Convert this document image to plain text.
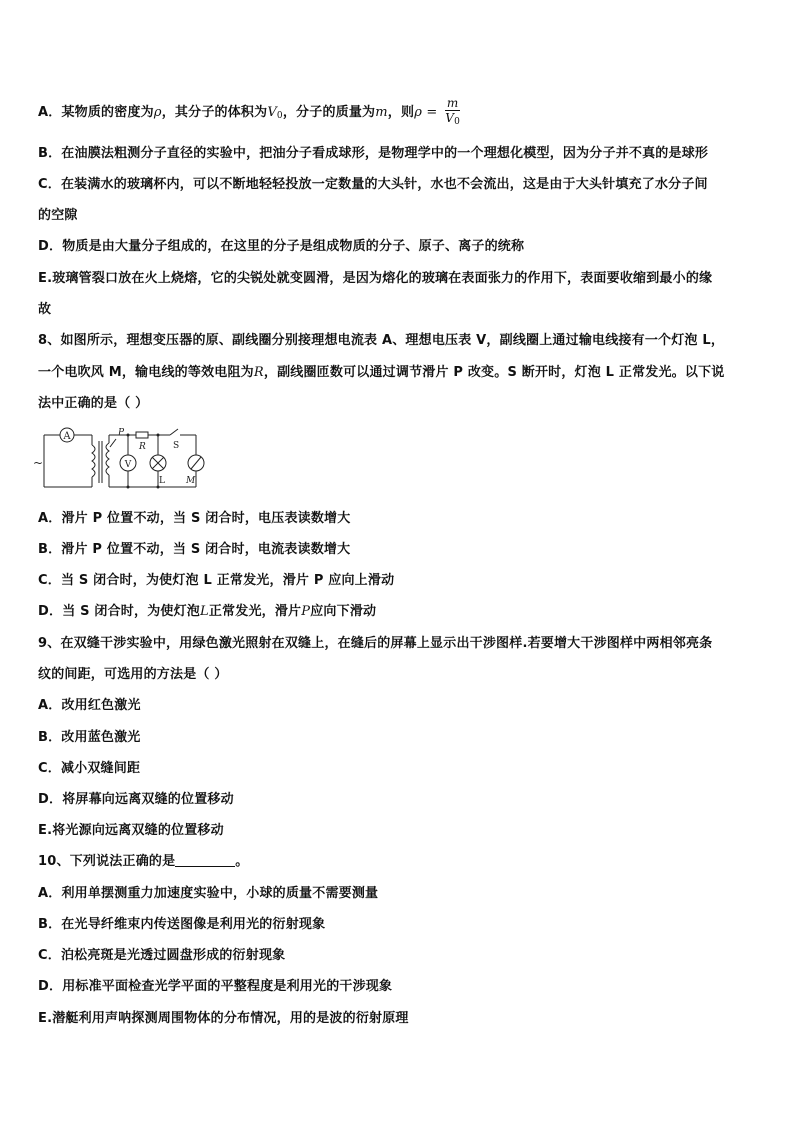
A．某物质的密度为ρ，其分子的体积为$V_0$，分子的质量为m，则$\rho = \frac{m}{V_0}$
B．在油膜法粗测分子直径的实验中，把油分子看成球形，是物理学中的一个理想化模型，因为分子并不真的是球形
C．在装满水的玻璃杯内，可以不断地轻轻投放一定数量的大头针，水也不会流出，这是由于大头针填充了水分子间
的空隙
D．物质是由大量分子组成的，在这里的分子是组成物质的分子、原子、离子的统称
E.玻璃管裂口放在火上烧熔，它的尖锐处就变圆滑，是因为熔化的玻璃在表面张力的作用下，表面要收缩到最小的缘
故
8、如图所示，理想变压器的原、副线圈分别接理想电流表 A、理想电压表 V，副线圈上通过输电线接有一个灯泡 L，
一个电吹风 M，输电线的等效电阻为R，副线圈匝数可以通过调节滑片 P 改变。S 断开时，灯泡 L 正常发光。以下说
法中正确的是（ ）
A
~
P
R	S
V
L M
A．滑片 P 位置不动，当 S 闭合时，电压表读数增大
B．滑片 P 位置不动，当 S 闭合时，电流表读数增大
C．当 S 闭合时，为使灯泡 L 正常发光，滑片 P 应向上滑动
D．当 S 闭合时，为使灯泡L正常发光，滑片P应向下滑动
9、在双缝干涉实验中，用绿色激光照射在双缝上，在缝后的屏幕上显示出干涉图样.若要增大干涉图样中两相邻亮条
纹的间距，可选用的方法是（ ）
A．改用红色激光
B．改用蓝色激光
C．减小双缝间距
D．将屏幕向远离双缝的位置移动
E.将光源向远离双缝的位置移动
10、下列说法正确的是	。
A．利用单摆测重力加速度实验中，小球的质量不需要测量
B．在光导纤维束内传送图像是利用光的衍射现象
C．泊松亮斑是光透过圆盘形成的衍射现象
D．用标准平面检查光学平面的平整程度是利用光的干涉现象
E.潜艇利用声呐探测周围物体的分布情况，用的是波的衍射原理
